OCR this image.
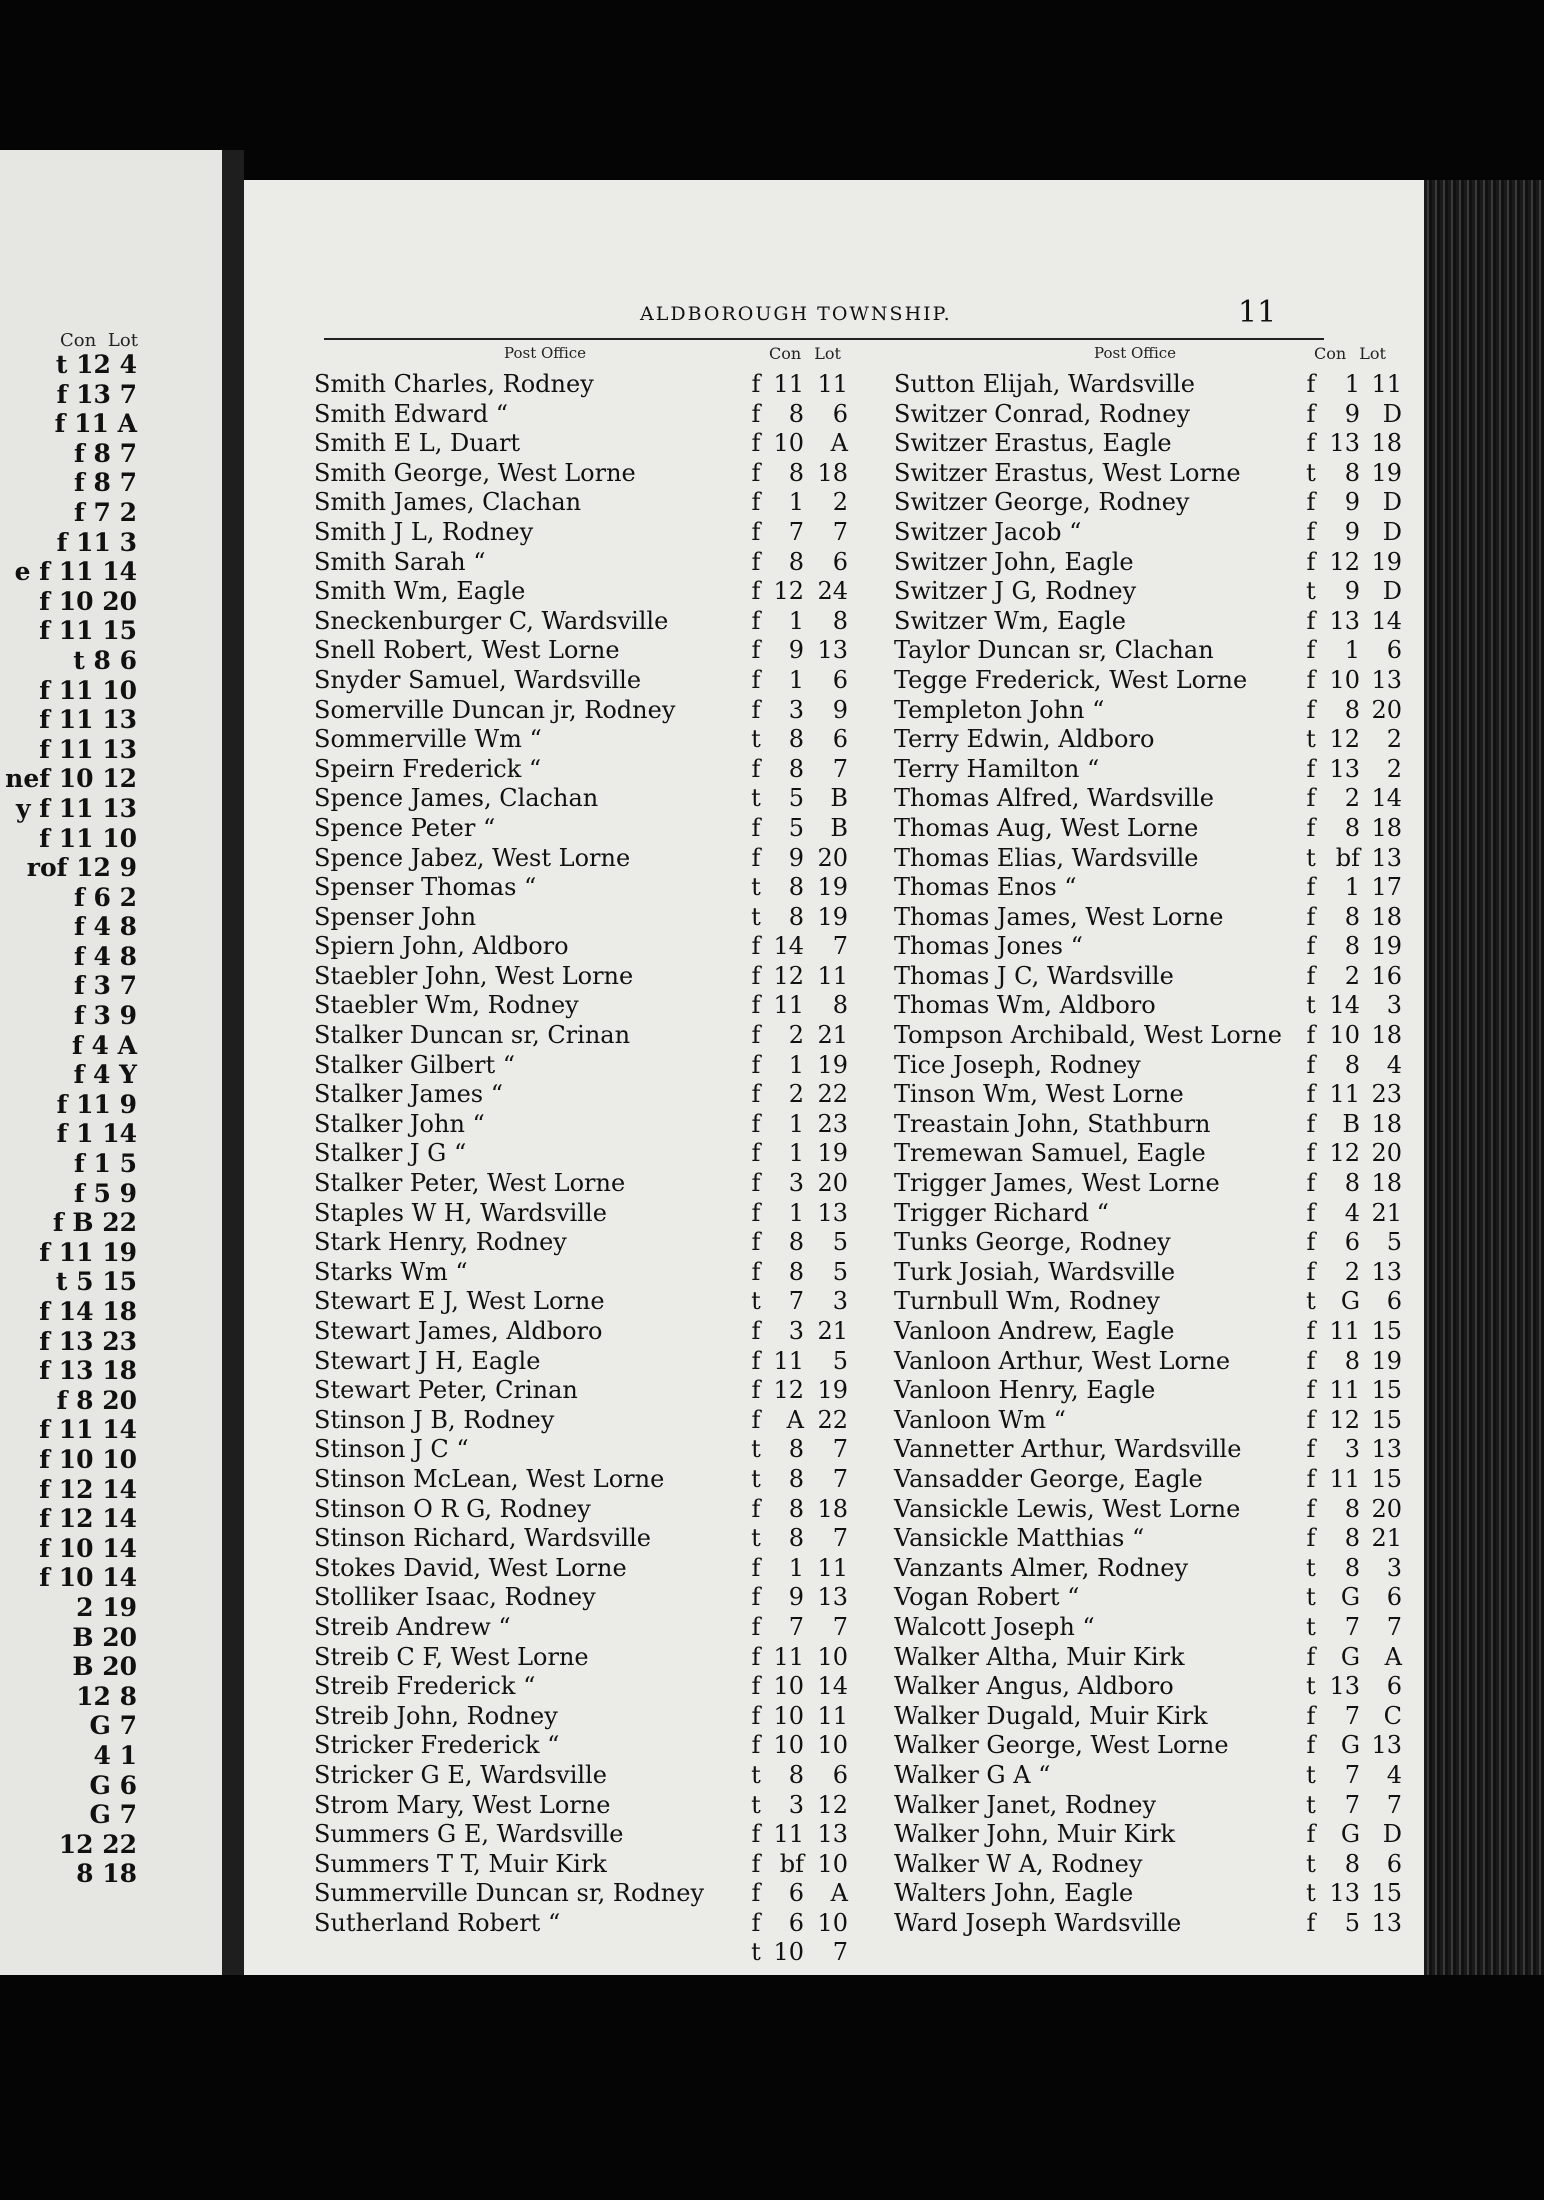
Con Lot
t 12 4
f 13 7
f 11 A
f 8 7
f 8 7
f 7 2
f 11 3
e f 11 14
f 10 20
f 11 15
t 8 6
f 11 10
f 11 13
f 11 13
nef 10 12
y f 11 13
f 11 10
rof 12 9
f 6 2
f 4 8
f 4 8
f 3 7
f 3 9
f 4 A
f 4 Y
f 11 9
f 1 14
f 1 5
f 5 9
f B 22
f 11 19
t 5 15
f 14 18
f 13 23
f 13 18
f 8 20
f 11 14
f 10 10
f 12 14
f 12 14
f 10 14
f 10 14
2 19
B 20
B 20
12 8
G 7
4 1
G 6
G 7
12 22
8 18
ALDBOROUGH TOWNSHIP.	11
Post Office	Con Lot
Smith Charles, Rodney	f 11 11
Smith Edward “	f	8	6
Smith E L, Duart	f 10	A
Smith George, West Lorne	f	8 18
Smith James, Clachan	f	1	2
Smith J L, Rodney	f	7	7
Smith Sarah “	f	8	6
Smith Wm, Eagle	f 12 24
Sneckenburger C, Wardsville	f	1	8
Snell Robert, West Lorne	f	9 13
Snyder Samuel, Wardsville	f	1	6
Somerville Duncan jr, Rodney	f	3	9
Sommerville Wm “	t	8	6
Speirn Frederick “	f	8	7
Spence James, Clachan	t	5	B
Spence Peter “	f	5	B
Spence Jabez, West Lorne	f	9 20
Spenser Thomas “	t	8 19
Spenser John	t	8 19
Spiern John, Aldboro	f 14	7
Staebler John, West Lorne	f 12 11
Staebler Wm, Rodney	f 11	8
Stalker Duncan sr, Crinan	f	2 21
Stalker Gilbert “	f	1 19
Stalker James “	f	2 22
Stalker John “	f	1 23
Stalker J G “	f	1 19
Stalker Peter, West Lorne	f	3 20
Staples W H, Wardsville	f	1 13
Stark Henry, Rodney	f	8	5
Starks Wm “	f	8	5
Stewart E J, West Lorne	t	7	3
Stewart James, Aldboro	f	3 21
Stewart J H, Eagle	f 11	5
Stewart Peter, Crinan	f 12 19
Stinson J B, Rodney	f	A 22
Stinson J C “	t	8	7
Stinson McLean, West Lorne	t	8	7
Stinson O R G, Rodney	f	8 18
Stinson Richard, Wardsville	t	8	7
Stokes David, West Lorne	f	1 11
Stolliker Isaac, Rodney	f	9 13
Streib Andrew “	f	7	7
Streib C F, West Lorne	f 11 10
Streib Frederick “	f 10 14
Streib John, Rodney	f 10 11
Stricker Frederick “	f 10 10
Stricker G E, Wardsville	t	8	6
Strom Mary, West Lorne	t	3 12
Summers G E, Wardsville	f 11 13
Summers T T, Muir Kirk	f bf 10
Summerville Duncan sr, Rodney	f	6	A
Sutherland Robert “	f	6 10
t 10	7
Post Office	Con Lot
Sutton Elijah, Wardsville	f	1 11
Switzer Conrad, Rodney	f	9 D
Switzer Erastus, Eagle	f 13 18
Switzer Erastus, West Lorne	t	8 19
Switzer George, Rodney	f	9 D
Switzer Jacob “	f	9 D
Switzer John, Eagle	f 12 19
Switzer J G, Rodney	t	9 D
Switzer Wm, Eagle	f 13 14
Taylor Duncan sr, Clachan	f	1	6
Tegge Frederick, West Lorne	f 10 13
Templeton John “	f	8 20
Terry Edwin, Aldboro	t 12	2
Terry Hamilton “	f 13	2
Thomas Alfred, Wardsville	f	2 14
Thomas Aug, West Lorne	f	8 18
Thomas Elias, Wardsville	t bf 13
Thomas Enos “	f	1 17
Thomas James, West Lorne	f	8 18
Thomas Jones “	f	8 19
Thomas J C, Wardsville	f	2 16
Thomas Wm, Aldboro	t 14	3
Tompson Archibald, West Lorne	f 10 18
Tice Joseph, Rodney	f	8	4
Tinson Wm, West Lorne	f 11 23
Treastain John, Stathburn	f	B 18
Tremewan Samuel, Eagle	f 12 20
Trigger James, West Lorne	f	8 18
Trigger Richard “	f	4 21
Tunks George, Rodney	f	6	5
Turk Josiah, Wardsville	f	2 13
Turnbull Wm, Rodney	t	G	6
Vanloon Andrew, Eagle	f 11 15
Vanloon Arthur, West Lorne	f	8 19
Vanloon Henry, Eagle	f 11 15
Vanloon Wm “	f 12 15
Vannetter Arthur, Wardsville	f	3 13
Vansadder George, Eagle	f 11 15
Vansickle Lewis, West Lorne	f	8 20
Vansickle Matthias “	f	8 21
Vanzants Almer, Rodney	t	8	3
Vogan Robert “	t	G	6
Walcott Joseph “	t	7	7
Walker Altha, Muir Kirk	f	G	A
Walker Angus, Aldboro	t 13	6
Walker Dugald, Muir Kirk	f	7 C
Walker George, West Lorne	f	G 13
Walker G A “	t	7	4
Walker Janet, Rodney	t	7	7
Walker John, Muir Kirk	f	G D
Walker W A, Rodney	t	8	6
Walters John, Eagle	t 13 15
Ward Joseph Wardsville	f	5 13
